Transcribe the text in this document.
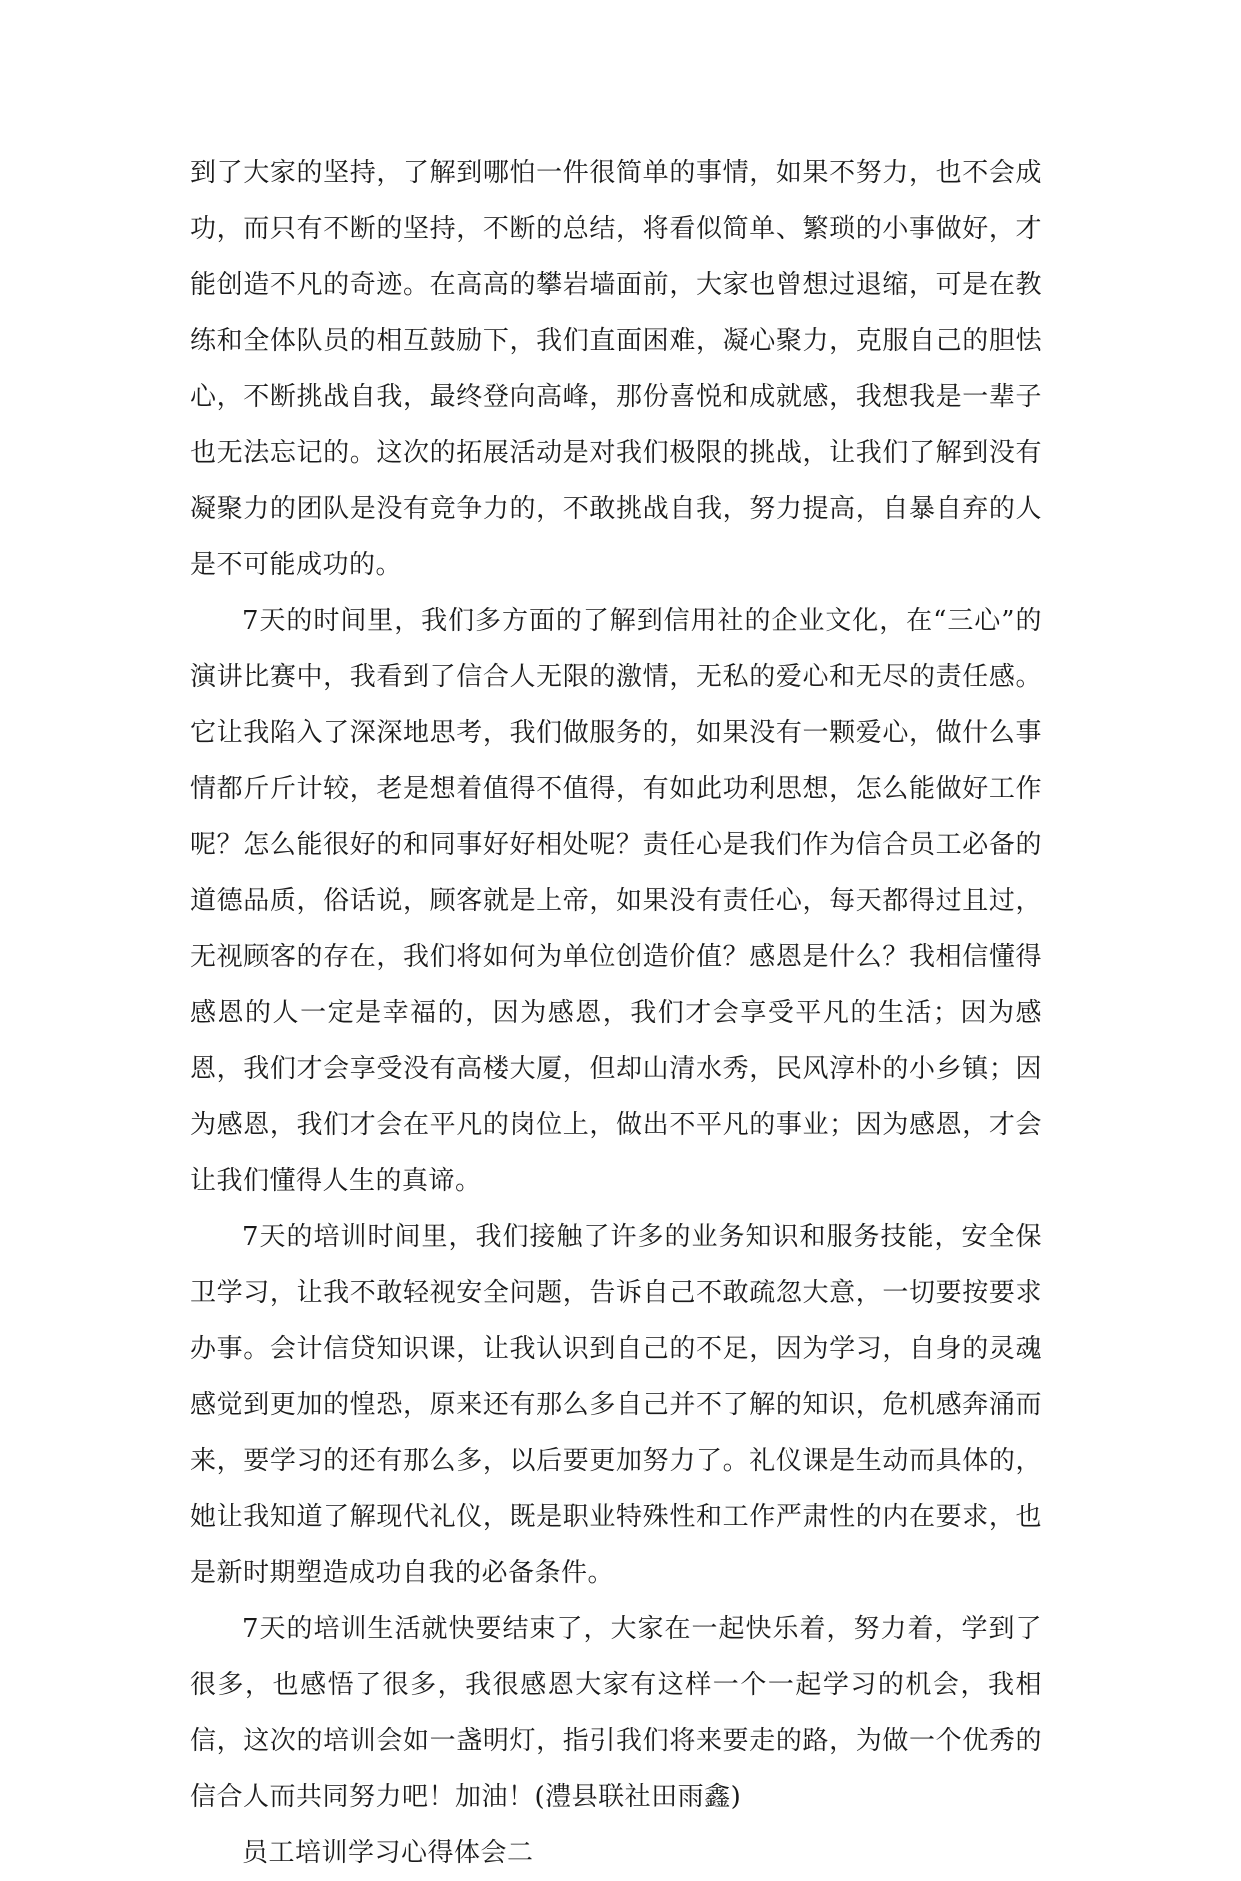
到了大家的坚持，了解到哪怕一件很简单的事情，如果不努力，也不会成功，而只有不断的坚持，不断的总结，将看似简单、繁琐的小事做好，才能创造不凡的奇迹。在高高的攀岩墙面前，大家也曾想过退缩，可是在教练和全体队员的相互鼓励下，我们直面困难，凝心聚力，克服自己的胆怯心，不断挑战自我，最终登向高峰，那份喜悦和成就感，我想我是一辈子也无法忘记的。这次的拓展活动是对我们极限的挑战，让我们了解到没有凝聚力的团队是没有竞争力的，不敢挑战自我，努力提高，自暴自弃的人是不可能成功的。

7天的时间里，我们多方面的了解到信用社的企业文化，在“三心”的演讲比赛中，我看到了信合人无限的激情，无私的爱心和无尽的责任感。它让我陷入了深深地思考，我们做服务的，如果没有一颗爱心，做什么事情都斤斤计较，老是想着值得不值得，有如此功利思想，怎么能做好工作呢？怎么能很好的和同事好好相处呢？责任心是我们作为信合员工必备的道德品质，俗话说，顾客就是上帝，如果没有责任心，每天都得过且过，无视顾客的存在，我们将如何为单位创造价值？感恩是什么？我相信懂得感恩的人一定是幸福的，因为感恩，我们才会享受平凡的生活；因为感恩，我们才会享受没有高楼大厦，但却山清水秀，民风淳朴的小乡镇；因为感恩，我们才会在平凡的岗位上，做出不平凡的事业；因为感恩，才会让我们懂得人生的真谛。

7天的培训时间里，我们接触了许多的业务知识和服务技能，安全保卫学习，让我不敢轻视安全问题，告诉自己不敢疏忽大意，一切要按要求办事。会计信贷知识课，让我认识到自己的不足，因为学习，自身的灵魂感觉到更加的惶恐，原来还有那么多自己并不了解的知识，危机感奔涌而来，要学习的还有那么多，以后要更加努力了。礼仪课是生动而具体的，她让我知道了解现代礼仪，既是职业特殊性和工作严肃性的内在要求，也是新时期塑造成功自我的必备条件。

7天的培训生活就快要结束了，大家在一起快乐着，努力着，学到了很多，也感悟了很多，我很感恩大家有这样一个一起学习的机会，我相信，这次的培训会如一盏明灯，指引我们将来要走的路，为做一个优秀的信合人而共同努力吧！加油！(澧县联社田雨鑫)

员工培训学习心得体会二
